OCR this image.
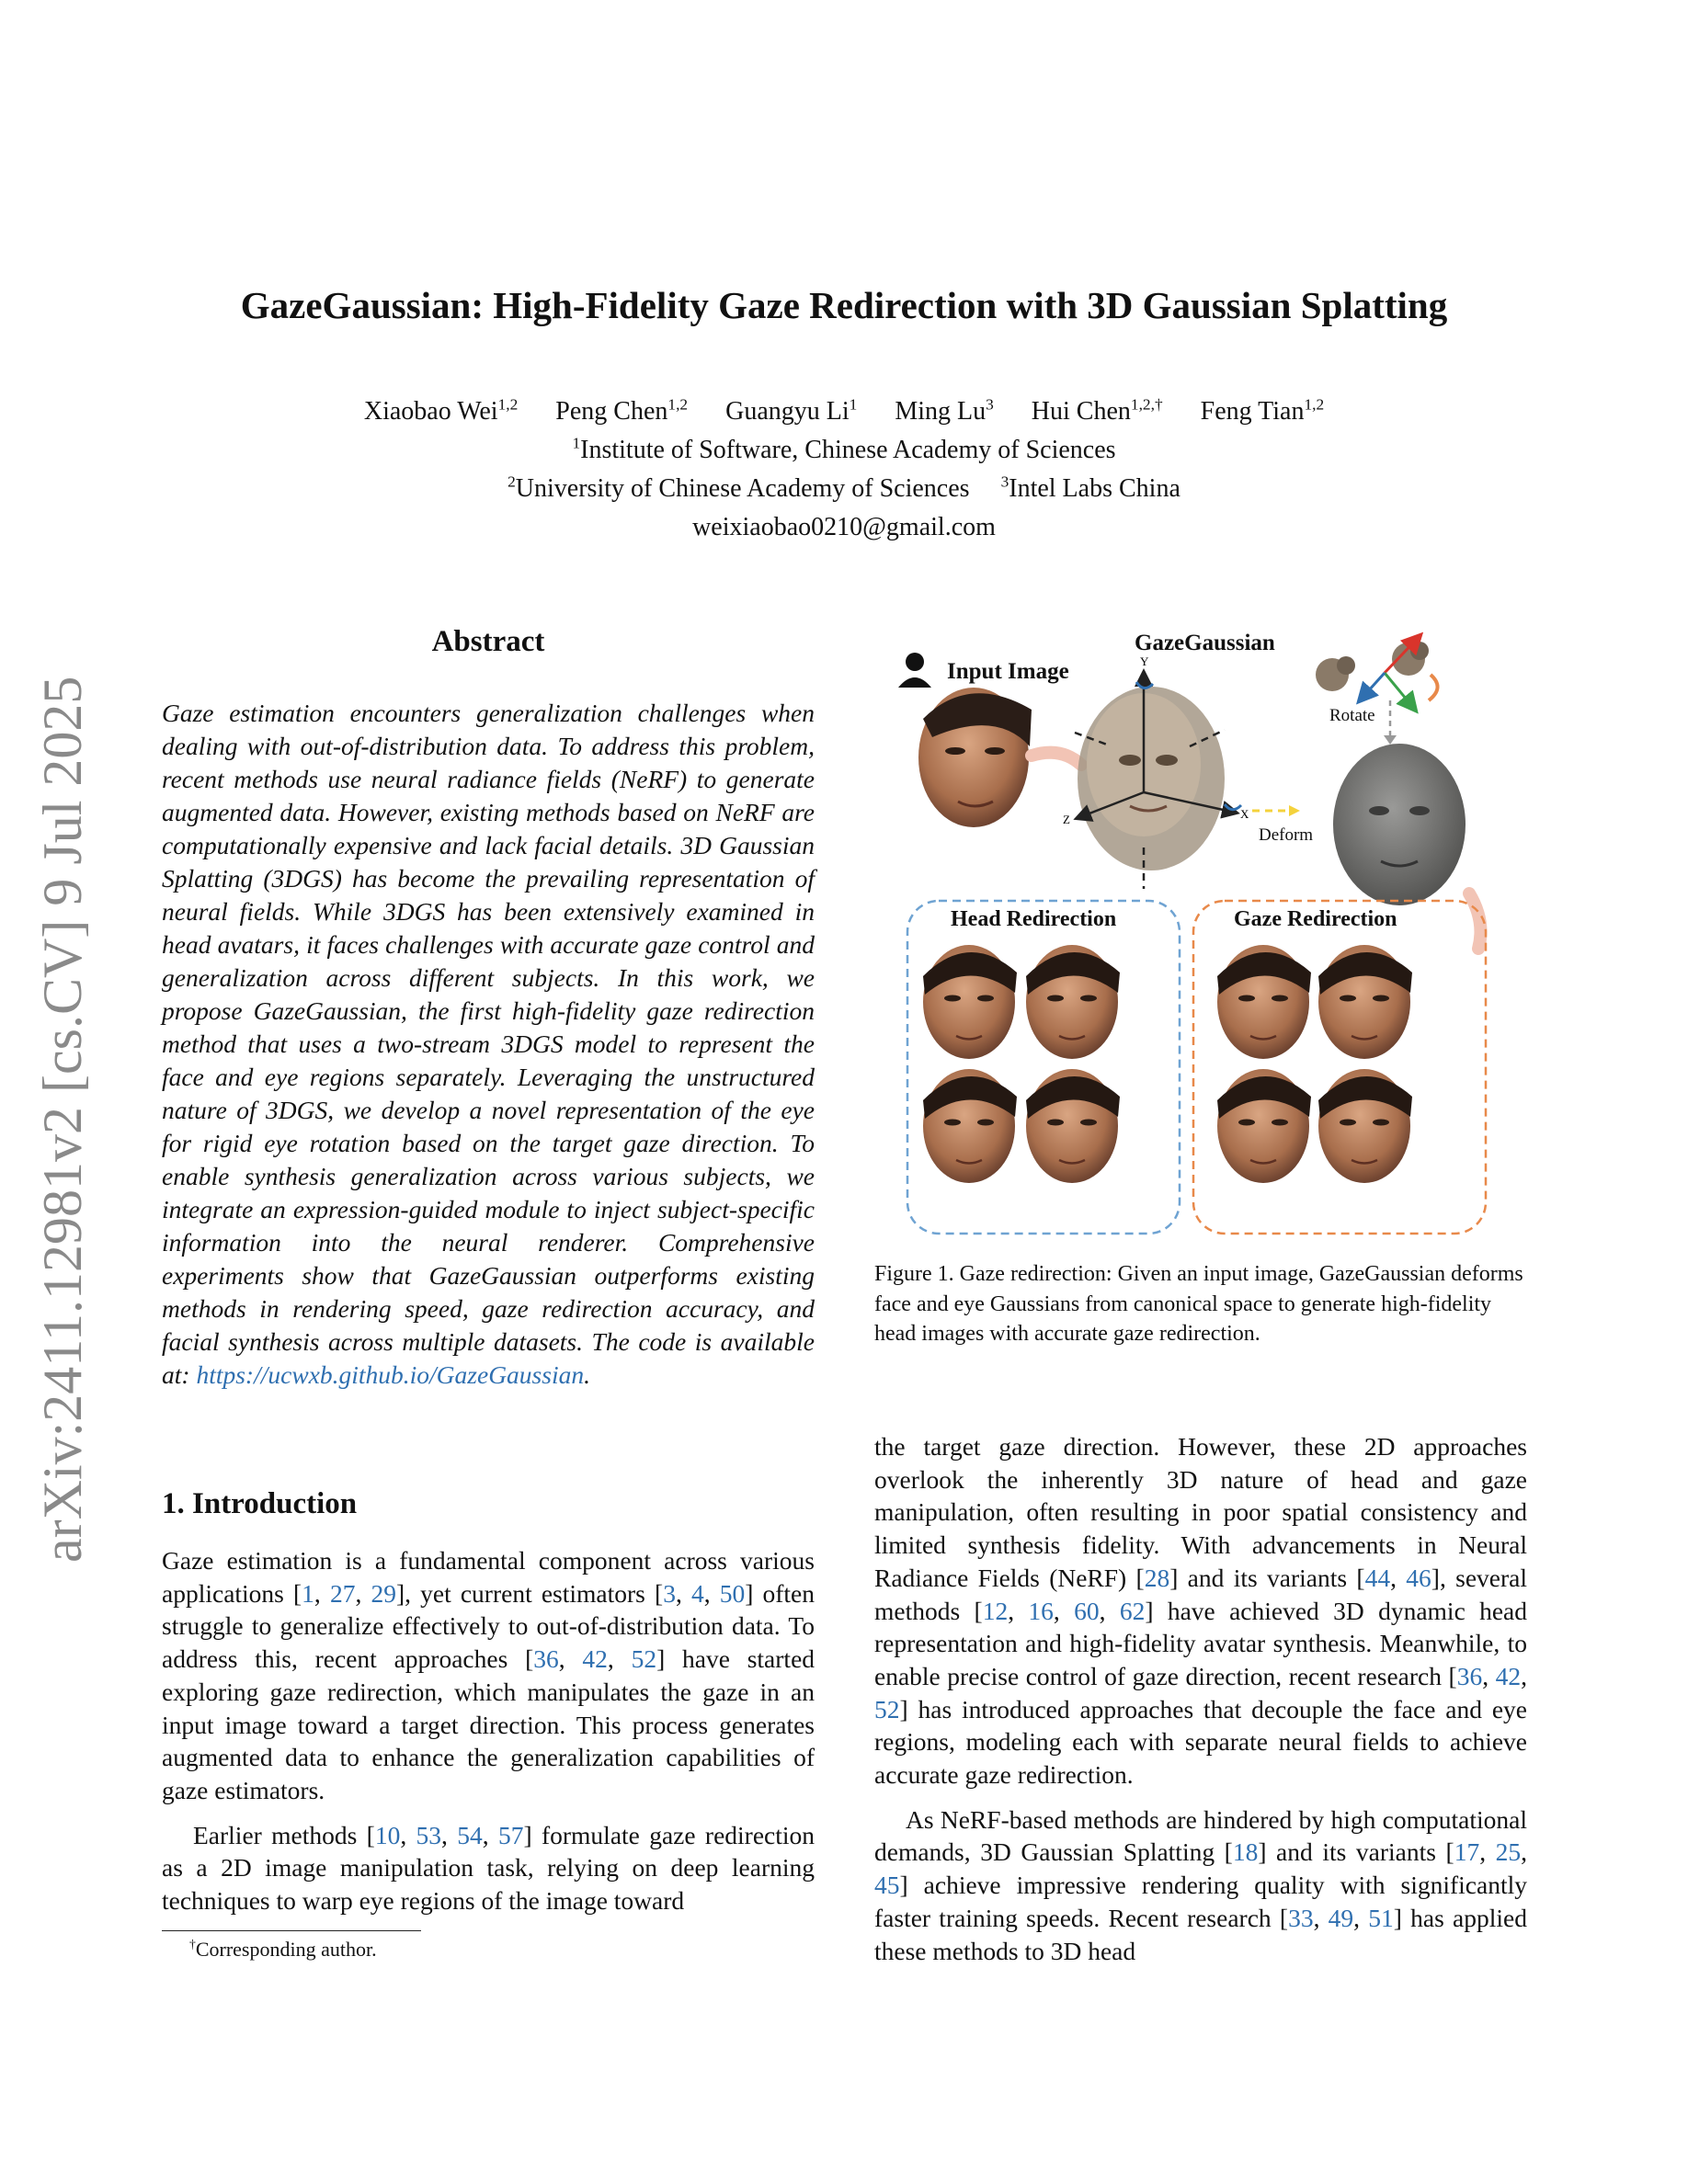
arXiv:2411.12981v2 [cs.CV] 9 Jul 2025
GazeGaussian: High-Fidelity Gaze Redirection with 3D Gaussian Splatting
Xiaobao Wei$^{1,2}$ Peng Chen$^{1,2}$ Guangyu Li$^1$ Ming Lu$^3$ Hui Chen$^{1,2,\dagger}$ Feng Tian$^{1,2}$
$^1$Institute of Software, Chinese Academy of Sciences
$^2$University of Chinese Academy of Sciences $^3$Intel Labs China
weixiaobao0210@gmail.com
Abstract
Gaze estimation encounters generalization challenges when dealing with out-of-distribution data. To address this problem, recent methods use neural radiance fields (NeRF) to generate augmented data. However, existing methods based on NeRF are computationally expensive and lack facial details. 3D Gaussian Splatting (3DGS) has become the prevailing representation of neural fields. While 3DGS has been extensively examined in head avatars, it faces challenges with accurate gaze control and generalization across different subjects. In this work, we propose GazeGaussian, the first high-fidelity gaze redirection method that uses a two-stream 3DGS model to represent the face and eye regions separately. Leveraging the unstructured nature of 3DGS, we develop a novel representation of the eye for rigid eye rotation based on the target gaze direction. To enable synthesis generalization across various subjects, we integrate an expression-guided module to inject subject-specific information into the neural renderer. Comprehensive experiments show that GazeGaussian outperforms existing methods in rendering speed, gaze redirection accuracy, and facial synthesis across multiple datasets. The code is available at: https://ucwxb.github.io/GazeGaussian.
1. Introduction

Gaze estimation is a fundamental component across various applications [1, 27, 29], yet current estimators [3, 4, 50] often struggle to generalize effectively to out-of-distribution data. To address this, recent approaches [36, 42, 52] have started exploring gaze redirection, which manipulates the gaze in an input image toward a target direction. This process generates augmented data to enhance the generalization capabilities of gaze estimators.

Earlier methods [10, 53, 54, 57] formulate gaze redirection as a 2D image manipulation task, relying on deep learning techniques to warp eye regions of the image toward

†Corresponding author.
Input Image
GazeGaussian
Y
X
Z
Rotate
Deform
Head Redirection	Gaze Redirection
Figure 1. Gaze redirection: Given an input image, GazeGaussian deforms face and eye Gaussians from canonical space to generate high-fidelity head images with accurate gaze redirection.

the target gaze direction. However, these 2D approaches overlook the inherently 3D nature of head and gaze manipulation, often resulting in poor spatial consistency and limited synthesis fidelity. With advancements in Neural Radiance Fields (NeRF) [28] and its variants [44, 46], several methods [12, 16, 60, 62] have achieved 3D dynamic head representation and high-fidelity avatar synthesis. Meanwhile, to enable precise control of gaze direction, recent research [36, 42, 52] has introduced approaches that decouple the face and eye regions, modeling each with separate neural fields to achieve accurate gaze redirection.

As NeRF-based methods are hindered by high computational demands, 3D Gaussian Splatting [18] and its variants [17, 25, 45] achieve impressive rendering quality with significantly faster training speeds. Recent research [33, 49, 51] has applied these methods to 3D head
